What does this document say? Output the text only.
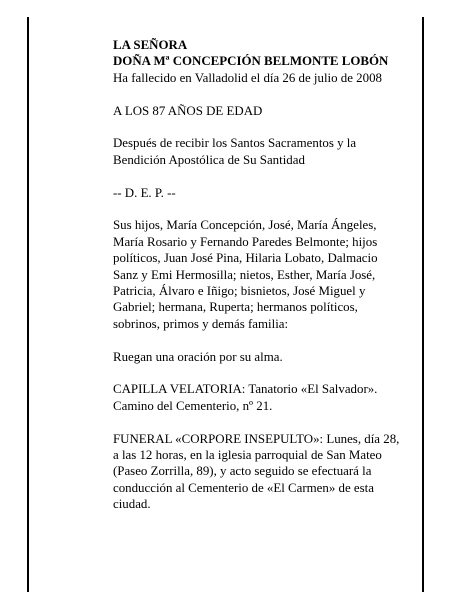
LA SEÑORA
DOÑA Mª CONCEPCIÓN BELMONTE LOBÓN
Ha fallecido en Valladolid el día 26 de julio de 2008
A LOS 87 AÑOS DE EDAD
Después de recibir los Santos Sacramentos y la
Bendición Apostólica de Su Santidad
-- D. E. P. --
Sus hijos, María Concepción, José, María Ángeles,
María Rosario y Fernando Paredes Belmonte; hijos
políticos, Juan José Pina, Hilaria Lobato, Dalmacio
Sanz y Emi Hermosilla; nietos, Esther, María José,
Patricia, Álvaro e Iñigo; bisnietos, José Miguel y
Gabriel; hermana, Ruperta; hermanos políticos,
sobrinos, primos y demás familia:
Ruegan una oración por su alma.
CAPILLA VELATORIA: Tanatorio «El Salvador».
Camino del Cementerio, nº 21.
FUNERAL «CORPORE INSEPULTO»: Lunes, día 28,
a las 12 horas, en la iglesia parroquial de San Mateo
(Paseo Zorrilla, 89), y acto seguido se efectuará la
conducción al Cementerio de «El Carmen» de esta
ciudad.
